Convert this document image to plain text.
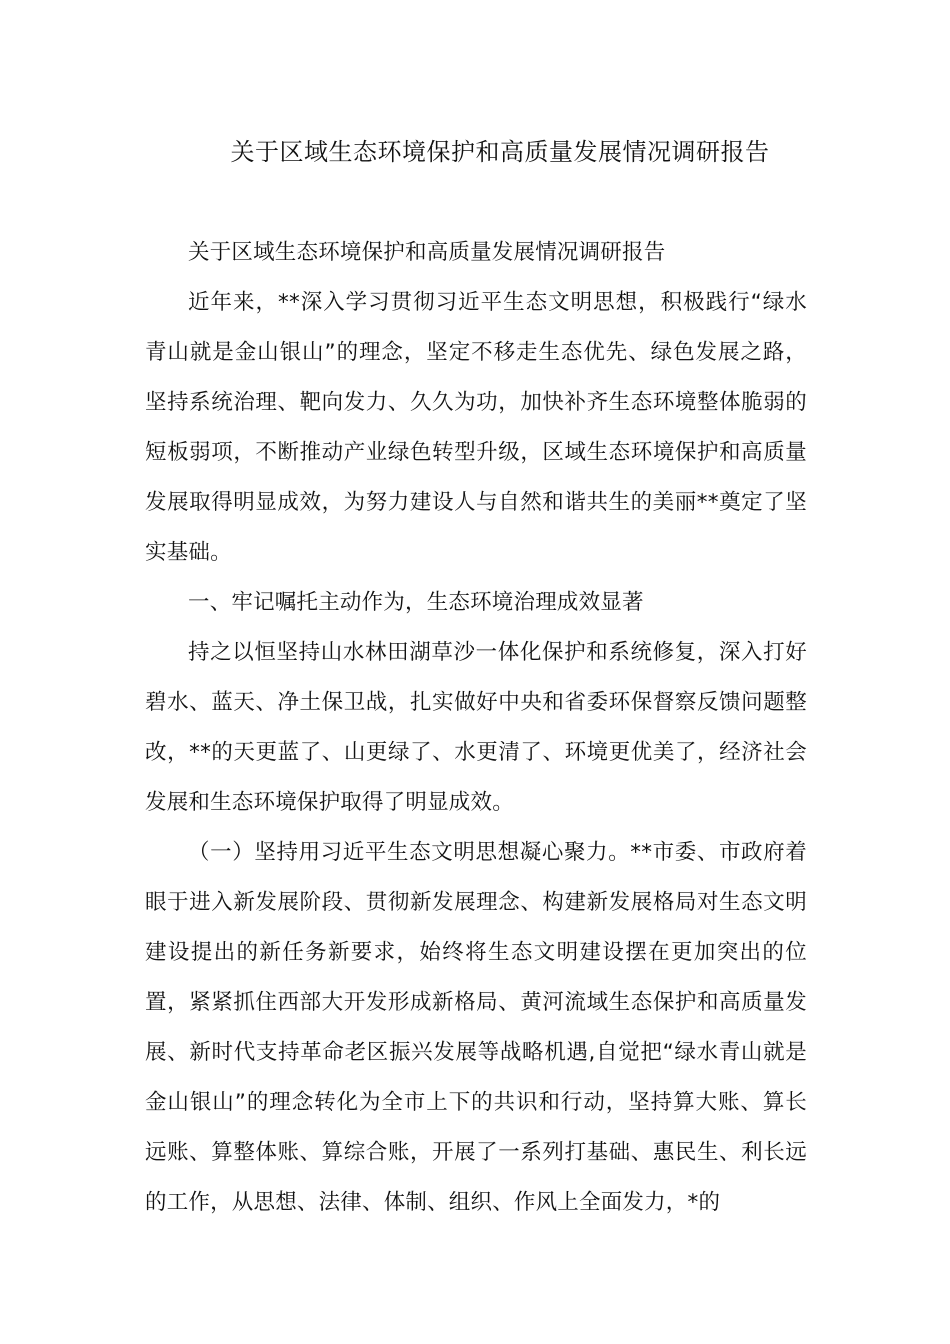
关于区域生态环境保护和高质量发展情况调研报告

关于区域生态环境保护和高质量发展情况调研报告

近年来，**深入学习贯彻习近平生态文明思想，积极践行“绿水青山就是金山银山”的理念，坚定不移走生态优先、绿色发展之路，坚持系统治理、靶向发力、久久为功，加快补齐生态环境整体脆弱的短板弱项，不断推动产业绿色转型升级，区域生态环境保护和高质量发展取得明显成效，为努力建设人与自然和谐共生的美丽**奠定了坚实基础。

一、牢记嘱托主动作为，生态环境治理成效显著

持之以恒坚持山水林田湖草沙一体化保护和系统修复，深入打好碧水、蓝天、净土保卫战，扎实做好中央和省委环保督察反馈问题整改，**的天更蓝了、山更绿了、水更清了、环境更优美了，经济社会发展和生态环境保护取得了明显成效。

（一）坚持用习近平生态文明思想凝心聚力。**市委、市政府着眼于进入新发展阶段、贯彻新发展理念、构建新发展格局对生态文明建设提出的新任务新要求，始终将生态文明建设摆在更加突出的位置，紧紧抓住西部大开发形成新格局、黄河流域生态保护和高质量发展、新时代支持革命老区振兴发展等战略机遇,自觉把“绿水青山就是金山银山”的理念转化为全市上下的共识和行动，坚持算大账、算长远账、算整体账、算综合账，开展了一系列打基础、惠民生、利长远的工作，从思想、法律、体制、组织、作风上全面发力，*的
